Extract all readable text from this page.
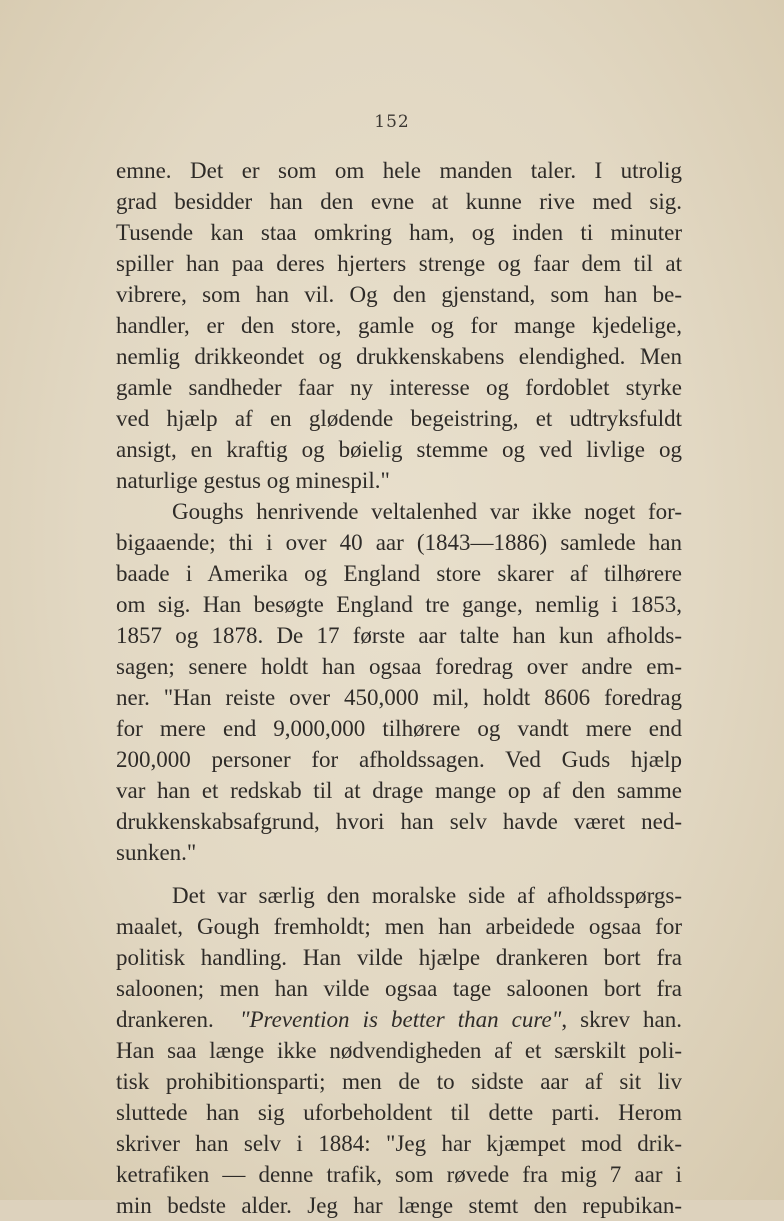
152
emne. Det er som om hele manden taler. I utrolig
grad besidder han den evne at kunne rive med sig.
Tusende kan staa omkring ham, og inden ti minuter
spiller han paa deres hjerters strenge og faar dem til at
vibrere, som han vil. Og den gjenstand, som han be-
handler, er den store, gamle og for mange kjedelige,
nemlig drikkeondet og drukkenskabens elendighed. Men
gamle sandheder faar ny interesse og fordoblet styrke
ved hjælp af en glødende begeistring, et udtryksfuldt
ansigt, en kraftig og bøielig stemme og ved livlige og
naturlige gestus og minespil."
Goughs henrivende veltalenhed var ikke noget for-
bigaaende; thi i over 40 aar (1843—1886) samlede han
baade i Amerika og England store skarer af tilhørere
om sig. Han besøgte England tre gange, nemlig i 1853,
1857 og 1878. De 17 første aar talte han kun afholds-
sagen; senere holdt han ogsaa foredrag over andre em-
ner. "Han reiste over 450,000 mil, holdt 8606 foredrag
for mere end 9,000,000 tilhørere og vandt mere end
200,000 personer for afholdssagen. Ved Guds hjælp
var han et redskab til at drage mange op af den samme
drukkenskabsafgrund, hvori han selv havde været ned-
sunken."
Det var særlig den moralske side af afholdsspørgs-
maalet, Gough fremholdt; men han arbeidede ogsaa for
politisk handling. Han vilde hjælpe drankeren bort fra
saloonen; men han vilde ogsaa tage saloonen bort fra
drankeren. "Prevention is better than cure", skrev han.
Han saa længe ikke nødvendigheden af et særskilt poli-
tisk prohibitionsparti; men de to sidste aar af sit liv
sluttede han sig uforbeholdent til dette parti. Herom
skriver han selv i 1884: "Jeg har kjæmpet mod drik-
ketrafiken — denne trafik, som røvede fra mig 7 aar i
min bedste alder. Jeg har længe stemt den repubikan-
